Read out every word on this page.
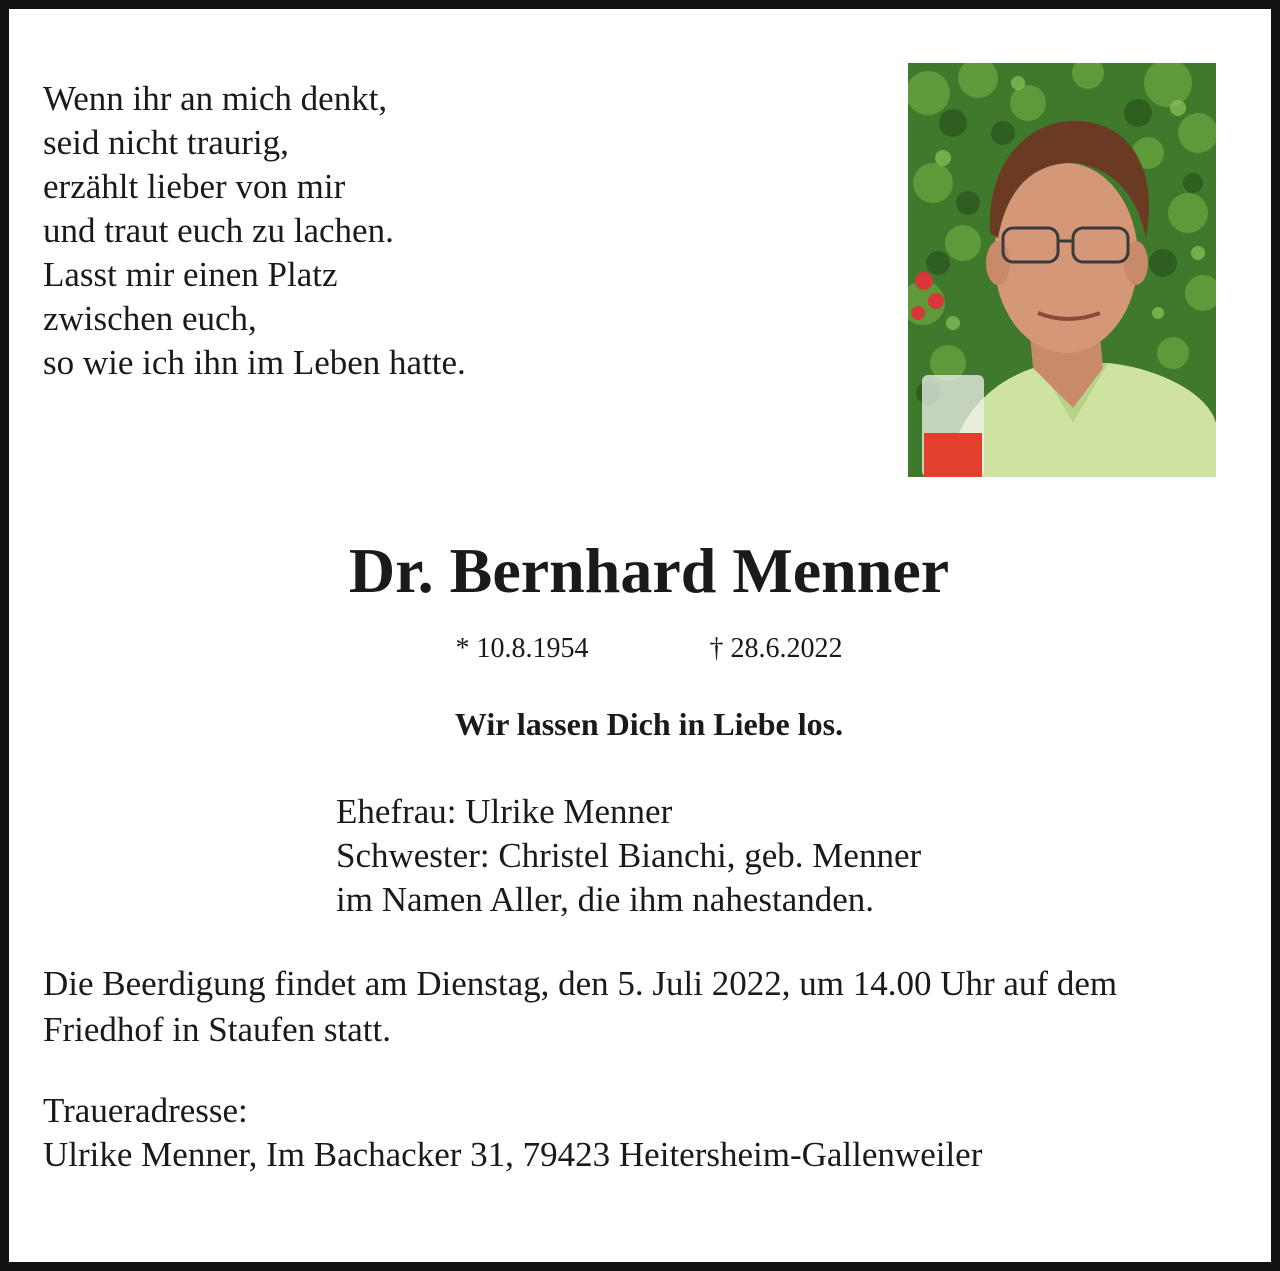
Wenn ihr an mich denkt,
seid nicht traurig,
erzählt lieber von mir
und traut euch zu lachen.
Lasst mir einen Platz
zwischen euch,
so wie ich ihn im Leben hatte.
Dr. Bernhard Menner
* 10.8.1954	† 28.6.2022
Wir lassen Dich in Liebe los.
Ehefrau: Ulrike Menner
Schwester: Christel Bianchi, geb. Menner
im Namen Aller, die ihm nahestanden.
Die Beerdigung findet am Dienstag, den 5. Juli 2022, um 14.00 Uhr auf dem Friedhof in Staufen statt.
Traueradresse:
Ulrike Menner, Im Bachacker 31, 79423 Heitersheim-Gallenweiler
